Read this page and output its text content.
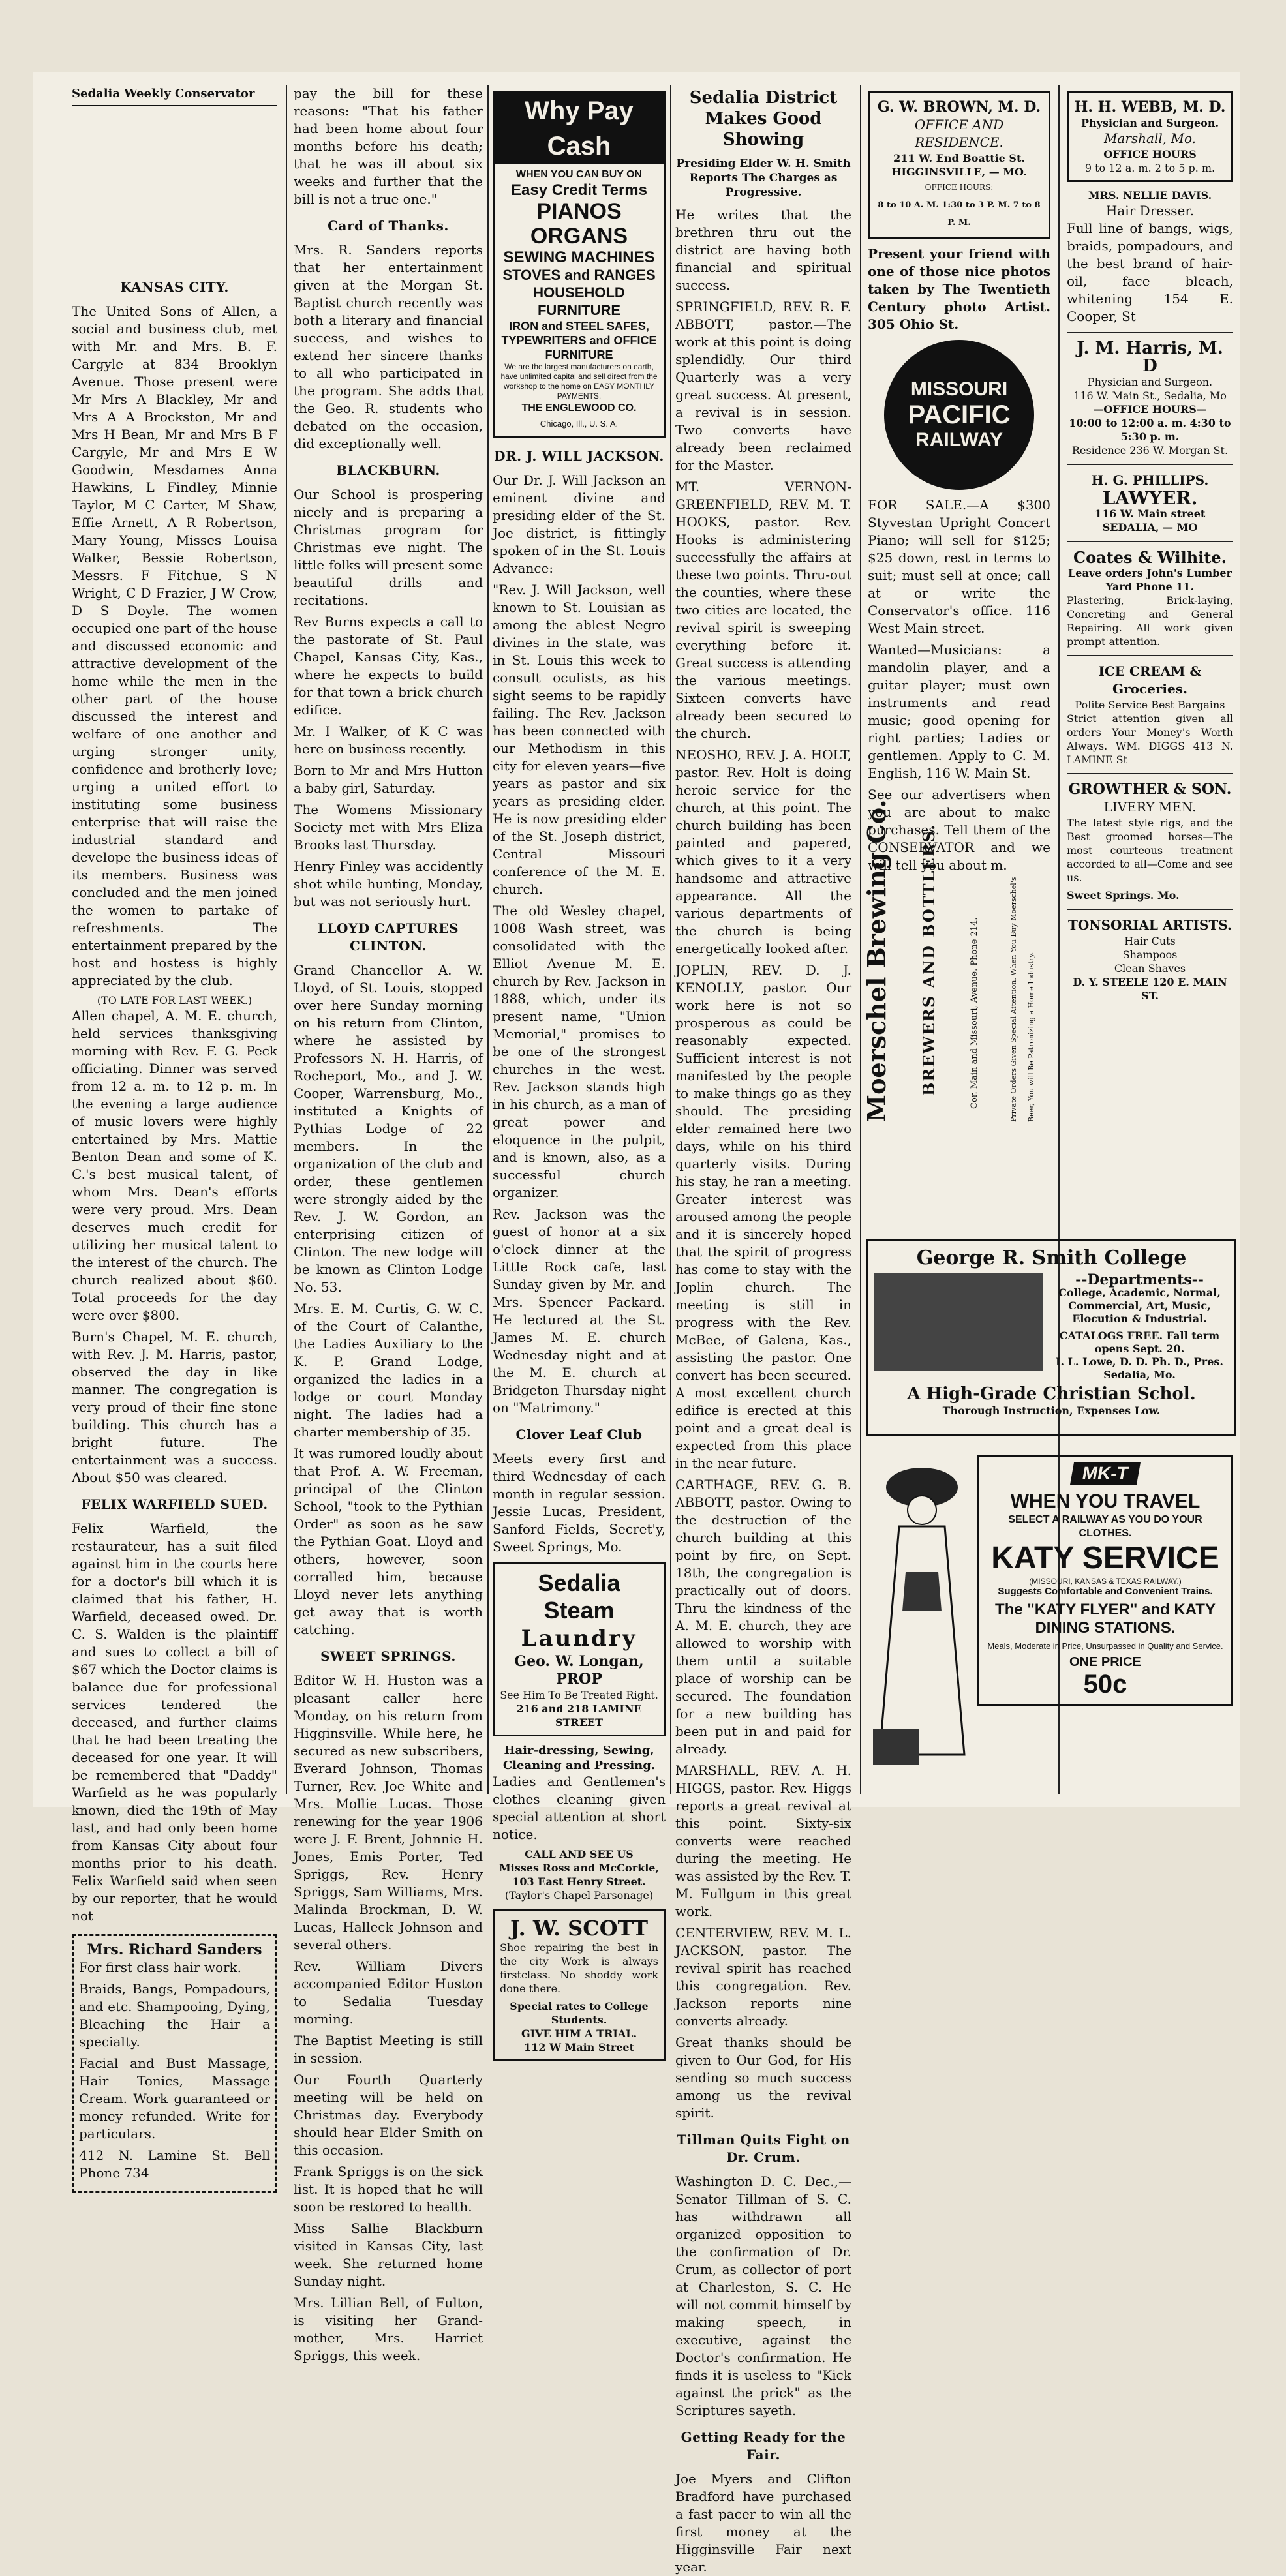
Sedalia Weekly Conservator
KANSAS CITY.

The United Sons of Allen, a social and business club, met with Mr. and Mrs. B. F. Cargyle at 834 Brooklyn Avenue. Those present were Mr Mrs A Blackley, Mr and Mrs A A Brockston, Mr and Mrs H Bean, Mr and Mrs B F Cargyle, Mr and Mrs E W Goodwin, Mesdames Anna Hawkins, L Findley, Minnie Taylor, M C Carter, M Shaw, Effie Arnett, A R Robertson, Mary Young, Misses Louisa Walker, Bessie Robertson, Messrs. F Fitchue, S N Wright, C D Frazier, J W Crow, D S Doyle. The women occupied one part of the house and discussed economic and attractive development of the home while the men in the other part of the house discussed the interest and welfare of one another and urging stronger unity, confidence and brotherly love; urging a united effort to instituting some business enterprise that will raise the industrial standard and develope the business ideas of its members. Business was concluded and the men joined the women to partake of refreshments. The entertainment prepared by the host and hostess is highly appreciated by the club.

(TO LATE FOR LAST WEEK.)

Allen chapel, A. M. E. church, held services thanksgiving morning with Rev. F. G. Peck officiating. Dinner was served from 12 a. m. to 12 p. m. In the evening a large audience of music lovers were highly entertained by Mrs. Mattie Benton Dean and some of K. C.'s best musical talent, of whom Mrs. Dean's efforts were very proud. Mrs. Dean deserves much credit for utilizing her musical talent to the interest of the church. The church realized about $60. Total proceeds for the day were over $800.

Burn's Chapel, M. E. church, with Rev. J. M. Harris, pastor, observed the day in like manner. The congregation is very proud of their fine stone building. This church has a bright future. The entertainment was a success. About $50 was cleared.

FELIX WARFIELD SUED.

Felix Warfield, the restaurateur, has a suit filed against him in the courts here for a doctor's bill which it is claimed that his father, H. Warfield, deceased owed. Dr. C. S. Walden is the plaintiff and sues to collect a bill of $67 which the Doctor claims is balance due for professional services tendered the deceased, and further claims that he had been treating the deceased for one year. It will be remembered that "Daddy" Warfield as he was popularly known, died the 19th of May last, and had only been home from Kansas City about four months prior to his death. Felix Warfield said when seen by our reporter, that he would not

Mrs. Richard Sanders

For first class hair work.

Braids, Bangs, Pompadours, and etc. Shampooing, Dying, Bleaching the Hair a specialty.

Facial and Bust Massage, Hair Tonics, Massage Cream. Work guaranteed or money refunded. Write for particulars.

412 N. Lamine St. Bell Phone 734

pay the bill for these reasons: "That his father had been home about four months before his death; that he was ill about six weeks and further that the bill is not a true one."

Card of Thanks.

Mrs. R. Sanders reports that her entertainment given at the Morgan St. Baptist church recently was both a literary and financial success, and wishes to extend her sincere thanks to all who participated in the program. She adds that the Geo. R. students who debated on the occasion, did exceptionally well.

BLACKBURN.

Our School is prospering nicely and is preparing a Christmas program for Christmas eve night. The little folks will present some beautiful drills and recitations.

Rev Burns expects a call to the pastorate of St. Paul Chapel, Kansas City, Kas., where he expects to build for that town a brick church edifice.

Mr. I Walker, of K C was here on business recently.

Born to Mr and Mrs Hutton a baby girl, Saturday.

The Womens Missionary Society met with Mrs Eliza Brooks last Thursday.

Henry Finley was accidently shot while hunting, Monday, but was not seriously hurt.

LLOYD CAPTURES CLINTON.

Grand Chancellor A. W. Lloyd, of St. Louis, stopped over here Sunday morning on his return from Clinton, where he assisted by Professors N. H. Harris, of Rocheport, Mo., and J. W. Cooper, Warrensburg, Mo., instituted a Knights of Pythias Lodge of 22 members. In the organization of the club and order, these gentlemen were strongly aided by the Rev. J. W. Gordon, an enterprising citizen of Clinton. The new lodge will be known as Clinton Lodge No. 53.

Mrs. E. M. Curtis, G. W. C. of the Court of Calanthe, the Ladies Auxiliary to the K. P. Grand Lodge, organized the ladies in a lodge or court Monday night. The ladies had a charter membership of 35.

It was rumored loudly about that Prof. A. W. Freeman, principal of the Clinton School, "took to the Pythian Order" as soon as he saw the Pythian Goat. Lloyd and others, however, soon corralled him, because Lloyd never lets anything get away that is worth catching.

SWEET SPRINGS.

Editor W. H. Huston was a pleasant caller here Monday, on his return from Higginsville. While here, he secured as new subscribers, Everard Johnson, Thomas Turner, Rev. Joe White and Mrs. Mollie Lucas. Those renewing for the year 1906 were J. F. Brent, Johnnie H. Jones, Emis Porter, Ted Spriggs, Rev. Henry Spriggs, Sam Williams, Mrs. Malinda Brockman, D. W. Lucas, Halleck Johnson and several others.

Rev. William Divers accompanied Editor Huston to Sedalia Tuesday morning.

The Baptist Meeting is still in session.

Our Fourth Quarterly meeting will be held on Christmas day. Everybody should hear Elder Smith on this occasion.

Frank Spriggs is on the sick list. It is hoped that he will soon be restored to health.

Miss Sallie Blackburn visited in Kansas City, last week. She returned home Sunday night.

Mrs. Lillian Bell, of Fulton, is visiting her Grand-mother, Mrs. Harriet Spriggs, this week.

Why Pay Cash
WHEN YOU CAN BUY ON
Easy Credit Terms
PIANOS
ORGANS
SEWING MACHINES
STOVES and RANGES
HOUSEHOLD FURNITURE
IRON and STEEL SAFES, TYPEWRITERS and OFFICE FURNITURE
We are the largest manufacturers on earth, have unlimited capital and sell direct from the workshop to the home on EASY MONTHLY PAYMENTS.
THE ENGLEWOOD CO.
Chicago, Ill., U. S. A.
DR. J. WILL JACKSON.

Our Dr. J. Will Jackson an eminent divine and presiding elder of the St. Joe district, is fittingly spoken of in the St. Louis Advance:

"Rev. J. Will Jackson, well known to St. Louisian as among the ablest Negro divines in the state, was in St. Louis this week to consult oculists, as his sight seems to be rapidly failing. The Rev. Jackson has been connected with our Methodism in this city for eleven years—five years as pastor and six years as presiding elder. He is now presiding elder of the St. Joseph district, Central Missouri conference of the M. E. church.

The old Wesley chapel, 1008 Wash street, was consolidated with the Elliot Avenue M. E. church by Rev. Jackson in 1888, which, under its present name, "Union Memorial," promises to be one of the strongest churches in the west. Rev. Jackson stands high in his church, as a man of great power and eloquence in the pulpit, and is known, also, as a successful church organizer.

Rev. Jackson was the guest of honor at a six o'clock dinner at the Little Rock cafe, last Sunday given by Mr. and Mrs. Spencer Packard. He lectured at the St. James M. E. church Wednesday night and at the M. E. church at Bridgeton Thursday night on "Matrimony."

Clover Leaf Club

Meets every first and third Wednesday of each month in regular session. Jessie Lucas, President, Sanford Fields, Secret'y, Sweet Springs, Mo.

Sedalia Steam
Laundry
Geo. W. Longan, PROP
See Him To Be Treated Right.
216 and 218 LAMINE STREET
Hair-dressing, Sewing, Cleaning and Pressing.

Ladies and Gentlemen's clothes cleaning given special attention at short notice.

CALL AND SEE US
Misses Ross and McCorkle, 103 East Henry Street.
(Taylor's Chapel Parsonage)
J. W. SCOTT

Shoe repairing the best in the city Work is always firstclass. No shoddy work done there.

Special rates to College Students.
GIVE HIM A TRIAL.
112 W Main Street
Sedalia District Makes Good Showing
Presiding Elder W. H. Smith Reports The Charges as Progressive.

He writes that the brethren thru out the district are having both financial and spiritual success.

SPRINGFIELD, REV. R. F. ABBOTT, pastor.—The work at this point is doing splendidly. Our third Quarterly was a very great success. At present, a revival is in session. Two converts have already been reclaimed for the Master.

MT. VERNON-GREENFIELD, REV. M. T. HOOKS, pastor. Rev. Hooks is administering successfully the affairs at these two points. Thru-out the counties, where these two cities are located, the revival spirit is sweeping everything before it. Great success is attending the various meetings. Sixteen converts have already been secured to the church.

NEOSHO, REV. J. A. HOLT, pastor. Rev. Holt is doing heroic service for the church, at this point. The church building has been painted and papered, which gives to it a very handsome and attractive appearance. All the various departments of the church is being energetically looked after.

JOPLIN, REV. D. J. KENOLLY, pastor. Our work here is not so prosperous as could be reasonably expected. Sufficient interest is not manifested by the people to make things go as they should. The presiding elder remained here two days, while on his third quarterly visits. During his stay, he ran a meeting. Greater interest was aroused among the people and it is sincerely hoped that the spirit of progress has come to stay with the Joplin church. The meeting is still in progress with the Rev. McBee, of Galena, Kas., assisting the pastor. One convert has been secured. A most excellent church edifice is erected at this point and a great deal is expected from this place in the near future.

CARTHAGE, REV. G. B. ABBOTT, pastor. Owing to the destruction of the church building at this point by fire, on Sept. 18th, the congregation is practically out of doors. Thru the kindness of the A. M. E. church, they are allowed to worship with them until a suitable place of worship can be secured. The foundation for a new building has been put in and paid for already.

MARSHALL, REV. A. H. HIGGS, pastor. Rev. Higgs reports a great revival at this point. Sixty-six converts were reached during the meeting. He was assisted by the Rev. T. M. Fullgum in this great work.

CENTERVIEW, REV. M. L. JACKSON, pastor. The revival spirit has reached this congregation. Rev. Jackson reports nine converts already.

Great thanks should be given to Our God, for His sending so much success among us the revival spirit.

Tillman Quits Fight on Dr. Crum.

Washington D. C. Dec.,—Senator Tillman of S. C. has withdrawn all organized opposition to the confirmation of Dr. Crum, as collector of port at Charleston, S. C. He will not commit himself by making speech, in executive, against the Doctor's confirmation. He finds it is useless to "Kick against the prick" as the Scriptures sayeth.

Getting Ready for the Fair.

Joe Myers and Clifton Bradford have purchased a fast pacer to win all the first money at the Higginsville Fair next year.

G. W. BROWN, M. D.
OFFICE AND RESIDENCE.
211 W. End Boattie St.
HIGGINSVILLE, — MO.
OFFICE HOURS:
8 to 10 A. M. 1:30 to 3 P. M. 7 to 8 P. M.

Present your friend with one of those nice photos taken by The Twentieth Century photo Artist. 305 Ohio St.

MISSOURI
PACIFIC
RAILWAY

FOR SALE.—A $300 Styvestan Upright Concert Piano; will sell for $125; $25 down, rest in terms to suit; must sell at once; call at or write the Conservator's office. 116 West Main street.

Wanted—Musicians: a mandolin player, and a guitar player; must own instruments and read music; good opening for right parties; Ladies or gentlemen. Apply to C. M. English, 116 W. Main St.

See our advertisers when you are about to make purchases. Tell them of the CONSERVATOR and we will tell you about m.

Moerschel Brewing Co. BREWERS AND BOTTLERS.	Cor. Main and Missouri, Avenue. Phone 214.	Private Orders Given Special Attention. When You Buy Moerschel's Beer, You will Be Patronizing a Home Industry.
H. H. WEBB, M. D.
Physician and Surgeon.
Marshall, Mo.
OFFICE HOURS
9 to 12 a. m. 2 to 5 p. m.
MRS. NELLIE DAVIS.
Hair Dresser.

Full line of bangs, wigs, braids, pompadours, and the best brand of hair-oil, face bleach, whitening 154 E. Cooper, St

J. M. Harris, M. D
Physician and Surgeon.
116 W. Main St., Sedalia, Mo
—OFFICE HOURS—
10:00 to 12:00 a. m. 4:30 to 5:30 p. m.
Residence 236 W. Morgan St.
H. G. PHILLIPS.
LAWYER.
116 W. Main street
SEDALIA, — MO
Coates & Wilhite.
Leave orders John's Lumber Yard Phone 11.

Plastering, Brick-laying, Concreting and General Repairing. All work given prompt attention.

ICE CREAM & Groceries.
Polite Service Best Bargains

Strict attention given all orders Your Money's Worth Always. WM. DIGGS 413 N. LAMINE St

GROWTHER & SON.
LIVERY MEN.

The latest style rigs, and the Best groomed horses—The most courteous treatment accorded to all—Come and see us.

Sweet Springs. Mo.
TONSORIAL ARTISTS.
Hair Cuts
Shampoos
Clean Shaves
D. Y. STEELE 120 E. MAIN ST.
George R. Smith College
--Departments--
College, Academic, Normal, Commercial, Art, Music, Elocution & Industrial.
CATALOGS FREE. Fall term opens Sept. 20.
I. L. Lowe, D. D. Ph. D., Pres. Sedalia, Mo.
A High-Grade Christian Schol.
Thorough Instruction, Expenses Low.
MK-T
WHEN YOU TRAVEL
SELECT A RAILWAY AS YOU DO YOUR CLOTHES.
KATY SERVICE
(MISSOURI, KANSAS & TEXAS RAILWAY.)
Suggests Comfortable and Convenient Trains.
The "KATY FLYER" and KATY DINING STATIONS.
Meals, Moderate in Price, Unsurpassed in Quality and Service.
ONE PRICE
50c
